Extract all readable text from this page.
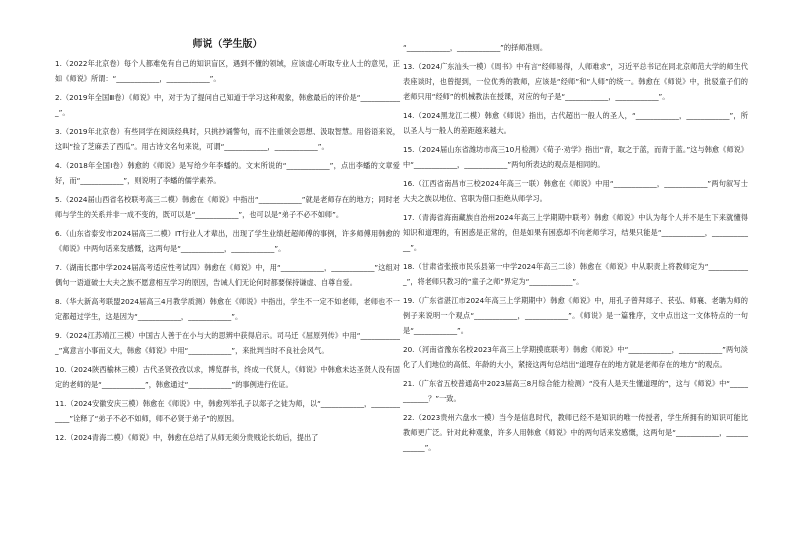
师说（学生版）
1.（2022年北京卷）每个人都难免有自己的知识盲区，遇到不懂的领域，应该虚心听取专业人士的意见，正如《师说》所谓：“____________，____________”。
2.（2019年全国Ⅲ卷）《师说》中，对于为了提问自己知道于学习这种观象，韩愈最后的评价是“____________”。
3.（2019年北京卷）有些同学在阅读经典时，只挑抄诵警句，而不注重领会思想、汲取智慧。用俗语来说，这叫“捡了芝麻丢了西瓜”。用古诗文名句来说，可谓“____________，____________”。
4.（2018年全国Ⅰ卷）韩愈的《师说》是写给少年李蟠的。文末所说的“____________”，点出李蟠的文章爱好，而“____________”，则说明了李蟠的儒学素养。
5.（2024届山西省名校联考高三二模）韩愈在《师说》中指出“____________”就是老师存在的地方；同时老师与学生的关系并非一成不变的，既可以是“____________”，也可以是“弟子不必不如师”。
6.（山东省泰安市2024届高三二模）IT行业人才辈出，出现了学生业绩赶超师傅的事例，许多师傅用韩愈的《师说》中两句话来发感慨，这两句是“____________，____________”。
7.（湖南长郡中学2024届高考适应性考试四）韩愈在《师说》中，用“____________，____________”这组对偶句一语道破士大夫之族不愿意相互学习的原因，告诫人们无论何时都要保持谦虚、自尊自爱。
8.（华大新高考联盟2024届高三4月教学质测）韩愈在《师说》中指出，学生不一定不如老师，老师也不一定都超过学生，这是因为“____________，____________”。
9.（2024江苏靖江三模）中国古人善于在小与大的思辨中获得启示。司马迁《屈原列传》中用“____________”寓意言小事而义大，韩愈《师说》中用“____________”，来批判当时不良社会风气。
10.（2024陕西榆林三模）古代圣贤孜孜以求，博览群书，终成一代贤人，《师说》中韩愈未达圣贤人没有固定的老师的是“____________”，韩愈通过“____________”的事例进行佐证。
11.（2024安徽安庆三模）韩愈在《师说》中，韩愈列举孔子以郯子之徒为师，以“____________，____________”诠释了“弟子不必不如师，师不必贤于弟子”的原因。
12.（2024青海二模）《师说》中，韩愈在总结了从师无须分贵贱论长幼后，提出了
“____________，____________”的择师准则。
13.（2024广东汕头一模）《周书》中有言“经师易得，人师难求”，习近平总书记在同北京师范大学的师生代表座谈时，也曾提到，一位优秀的教师，应该是“经师”和“人师”的统一。韩愈在《师说》中，批驳童子们的老师只用“经师”的机械教法在授课，对应的句子是“____________，____________”。
14.（2024黑龙江二模）韩愈《师说》指出，古代超出一般人的圣人，“____________，____________”，所以圣人与一般人的差距越来越大。
15.（2024届山东省潍坊市高三10月检测）《荀子·劝学》指出“青，取之于蓝，而青于蓝。”这与韩愈《师说》中“____________，____________”两句所表达的观点是相同的。
16.（江西省南昌市三校2024年高三一联）韩愈在《师说》中用“____________，____________”两句叙写士大夫之族以地位、官职为借口拒绝从师学习。
17.（青海省海南藏族自治州2024年高三上学期期中联考）韩愈《师说》中认为每个人并不是生下来就懂得知识和道理的，有困惑是正常的，但是如果有困惑却不向老师学习，结果只能是“____________，____________”。
18.（甘肃省张掖市民乐县第一中学2024年高三二诊）韩愈在《师说》中从职责上将教师定为“____________”，将老师只教习的“童子之师”界定为“____________”。
19.（广东省湛江市2024年高三上学期期中）韩愈《师说》中，用孔子曾拜郯子、苌弘、师襄、老聃为师的例子来说明一个观点“____________，____________”。《师说》是一篇雅序，文中点出这一文体特点的一句是“____________”。
20.（河南省豫东名校2023年高三上学期摸底联考）韩愈《师说》中“____________，____________”两句淡化了人们地位的高低、年龄的大小，紧接这两句总结出“道理存在的地方就是老师存在的地方”的观点。
21.（广东省五校普通高中2023届高三8月综合能力检测）“没有人是天生懂道理的”，这与《师说》中“____________？”一致。
22.（2023贵州六盘水一模）当今是信息时代，教师已经不是知识的唯一传授者，学生所拥有的知识可能比教师更广泛。针对此种观象，许多人用韩愈《师说》中的两句话来发感慨，这两句是“____________，____________”。
